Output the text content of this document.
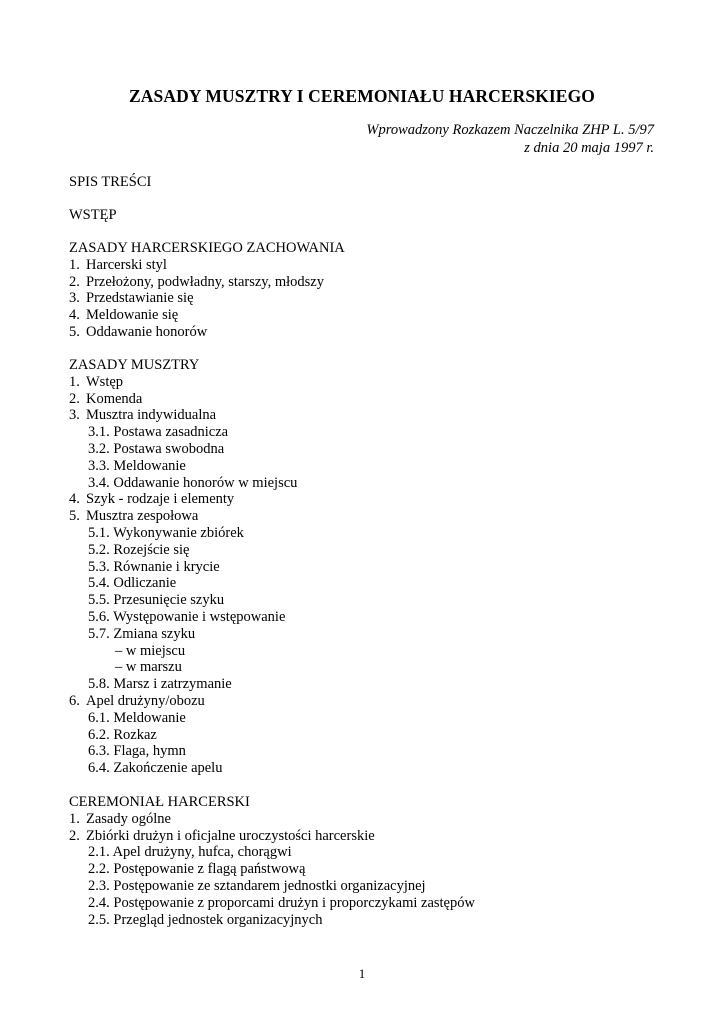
ZASADY MUSZTRY I CEREMONIAŁU HARCERSKIEGO
Wprowadzony Rozkazem Naczelnika ZHP L. 5/97
z dnia 20 maja 1997 r.
SPIS TREŚCI
WSTĘP
ZASADY HARCERSKIEGO ZACHOWANIA
1. Harcerski styl
2. Przełożony, podwładny, starszy, młodszy
3. Przedstawianie się
4. Meldowanie się
5. Oddawanie honorów
ZASADY MUSZTRY
1. Wstęp
2. Komenda
3. Musztra indywidualna
3.1. Postawa zasadnicza
3.2. Postawa swobodna
3.3. Meldowanie
3.4. Oddawanie honorów w miejscu
4. Szyk - rodzaje i elementy
5. Musztra zespołowa
5.1. Wykonywanie zbiórek
5.2. Rozejście się
5.3. Równanie i krycie
5.4. Odliczanie
5.5. Przesunięcie szyku
5.6. Występowanie i wstępowanie
5.7. Zmiana szyku
– w miejscu
– w marszu
5.8. Marsz i zatrzymanie
6. Apel drużyny/obozu
6.1. Meldowanie
6.2. Rozkaz
6.3. Flaga, hymn
6.4. Zakończenie apelu
CEREMONIAŁ HARCERSKI
1. Zasady ogólne
2. Zbiórki drużyn i oficjalne uroczystości harcerskie
2.1. Apel drużyny, hufca, chorągwi
2.2. Postępowanie z flagą państwową
2.3. Postępowanie ze sztandarem jednostki organizacyjnej
2.4. Postępowanie z proporcami drużyn i proporczykami zastępów
2.5. Przegląd jednostek organizacyjnych
1
